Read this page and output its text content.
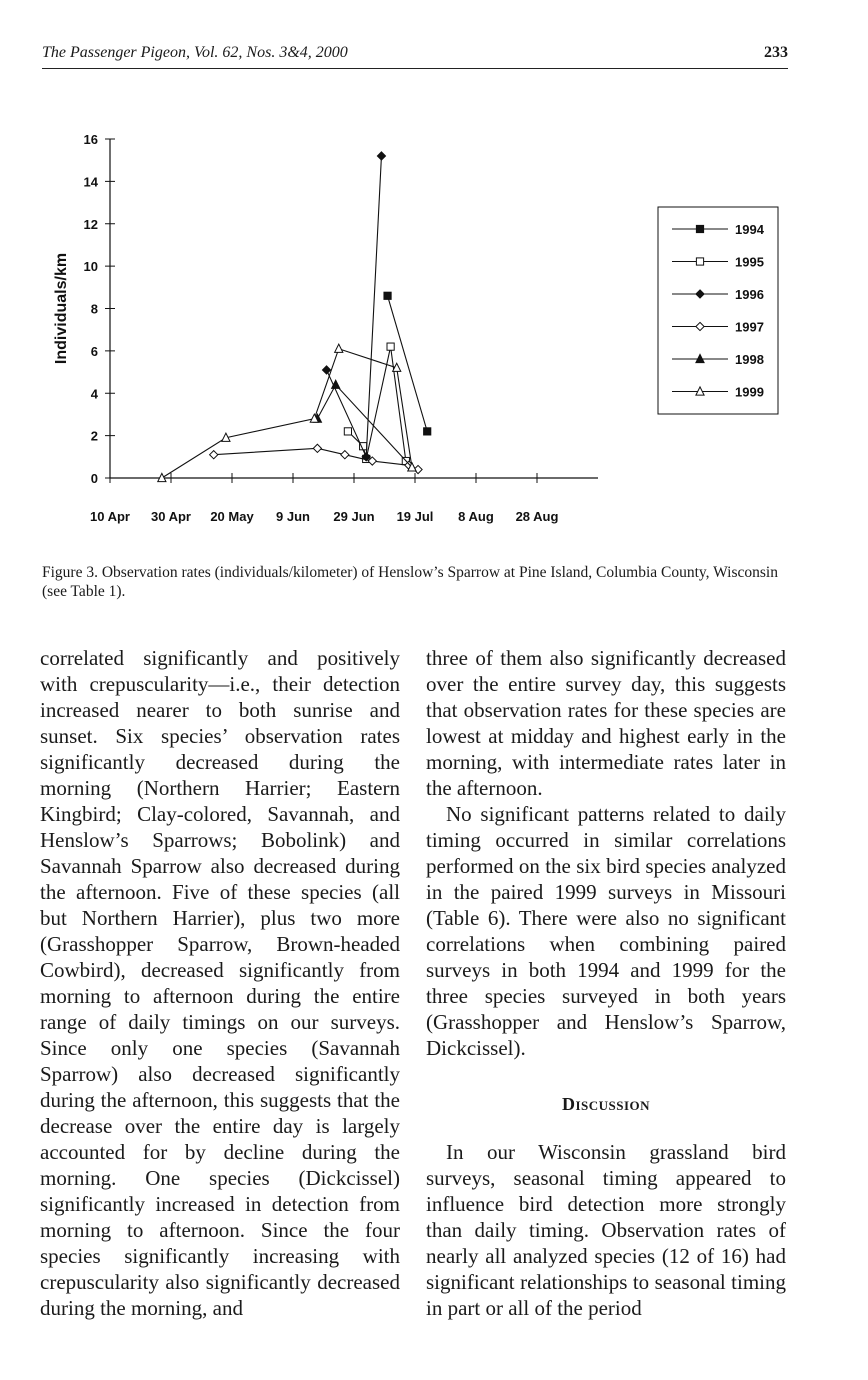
The Passenger Pigeon, Vol. 62, Nos. 3&4, 2000	233
0
2
4
6
8
10
12
14
16
10 Apr 30 Apr 20 May 9 Jun 29 Jun 19 Jul 8 Aug 28 Aug
Individuals/km
1994
1995
1996
1997
1998
1999
Figure 3. Observation rates (individuals/kilometer) of Henslow’s Sparrow at Pine Island, Columbia County, Wisconsin (see Table 1).

correlated significantly and positively with crepuscularity—i.e., their detection increased nearer to both sunrise and sunset. Six species’ observation rates significantly decreased during the morning (Northern Harrier; Eastern Kingbird; Clay-colored, Savannah, and Henslow’s Sparrows; Bobolink) and Savannah Sparrow also decreased during the afternoon. Five of these species (all but Northern Harrier), plus two more (Grasshopper Sparrow, Brown-headed Cowbird), decreased significantly from morning to afternoon during the entire range of daily timings on our surveys. Since only one species (Savannah Sparrow) also decreased significantly during the afternoon, this suggests that the decrease over the entire day is largely accounted for by decline during the morning. One species (Dickcissel) significantly increased in detection from morning to afternoon. Since the four species significantly increasing with crepuscularity also significantly decreased during the morning, and

three of them also significantly decreased over the entire survey day, this suggests that observation rates for these species are lowest at midday and highest early in the morning, with intermediate rates later in the afternoon.

No significant patterns related to daily timing occurred in similar correlations performed on the six bird species analyzed in the paired 1999 surveys in Missouri (Table 6). There were also no significant correlations when combining paired surveys in both 1994 and 1999 for the three species surveyed in both years (Grasshopper and Henslow’s Sparrow, Dickcissel).

Discussion

In our Wisconsin grassland bird surveys, seasonal timing appeared to influence bird detection more strongly than daily timing. Observation rates of nearly all analyzed species (12 of 16) had significant relationships to seasonal timing in part or all of the period
